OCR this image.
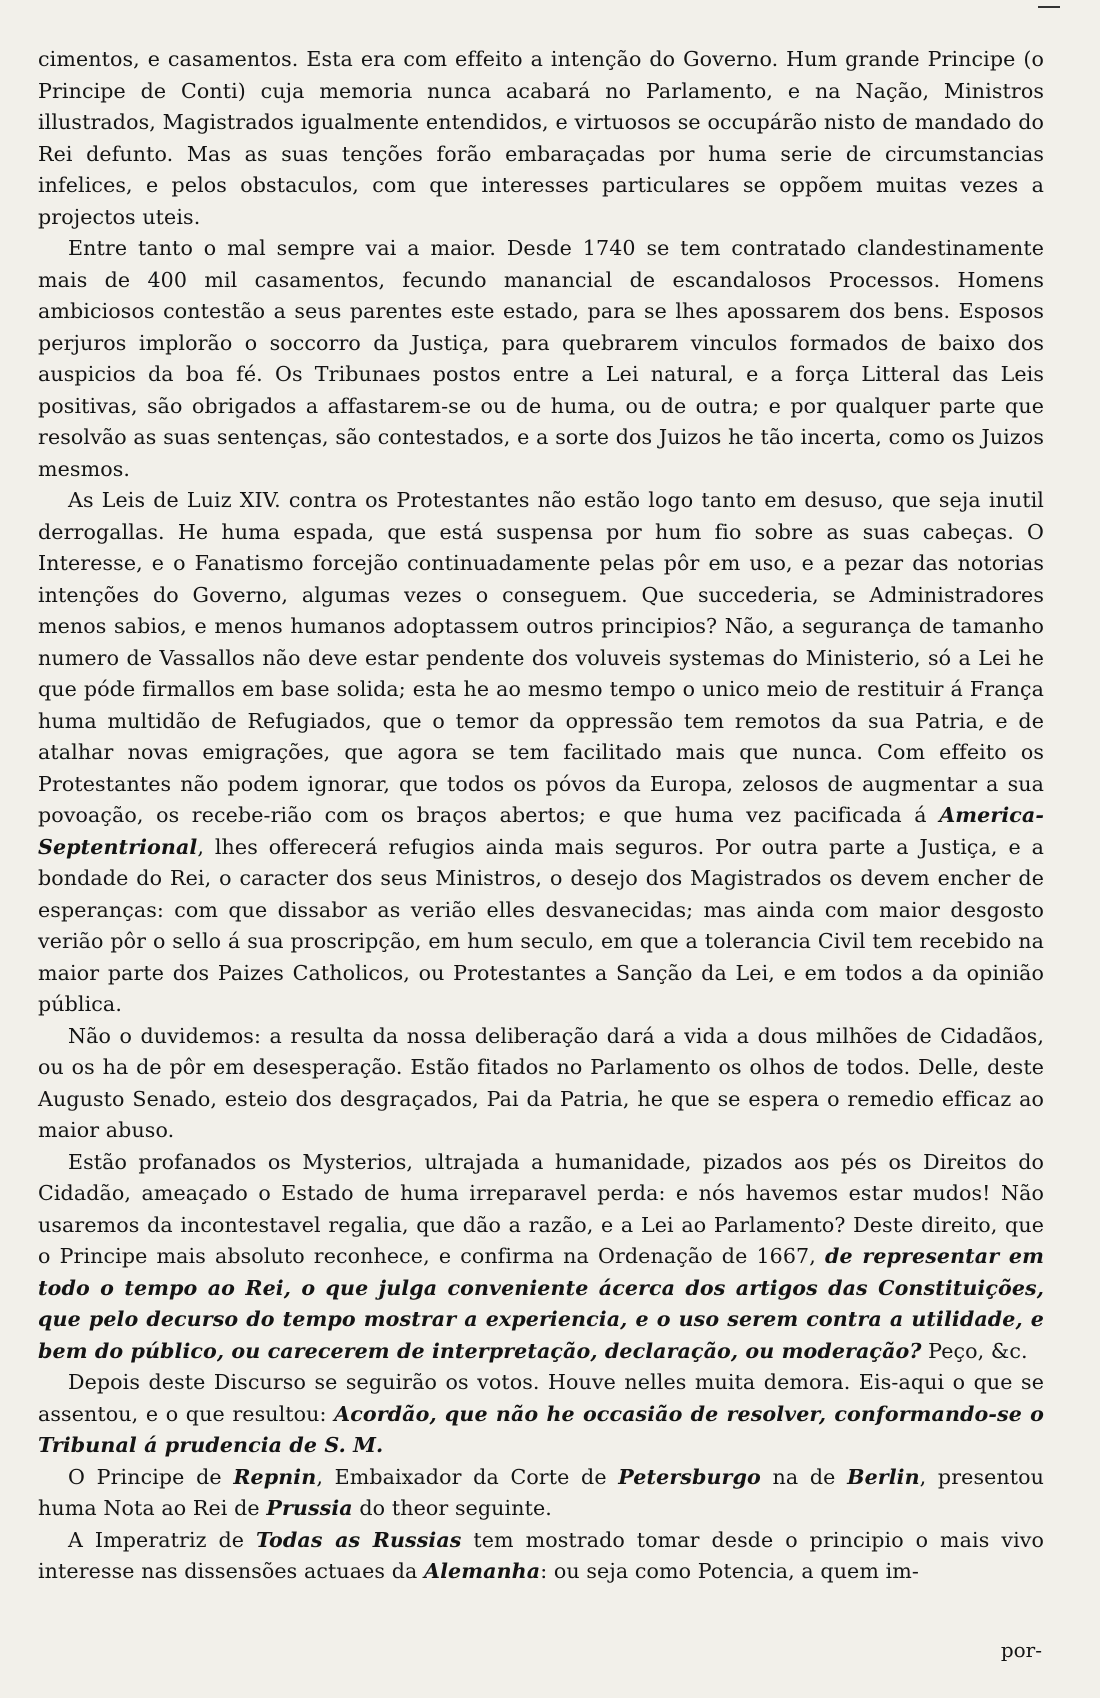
cimentos, e casamentos. Esta era com effeito a intenção do Governo. Hum grande Principe (o Principe de Conti) cuja memoria nunca acabará no Parlamento, e na Nação, Ministros illustrados, Magistrados igualmente entendidos, e virtuosos se occupárão nisto de mandado do Rei defunto. Mas as suas tenções forão embaraçadas por huma serie de circumstancias infelices, e pelos obstaculos, com que interesses particulares se oppõem muitas vezes a projectos uteis.

Entre tanto o mal sempre vai a maior. Desde 1740 se tem contratado clandestinamente mais de 400 mil casamentos, fecundo manancial de escandalosos Processos. Homens ambiciosos contestão a seus parentes este estado, para se lhes apossarem dos bens. Esposos perjuros implorão o soccorro da Justiça, para quebrarem vinculos formados de baixo dos auspicios da boa fé. Os Tribunaes postos entre a Lei natural, e a força Litteral das Leis positivas, são obrigados a affastarem-se ou de huma, ou de outra; e por qualquer parte que resolvão as suas sentenças, são contestados, e a sorte dos Juizos he tão incerta, como os Juizos mesmos.

As Leis de Luiz XIV. contra os Protestantes não estão logo tanto em desuso, que seja inutil derrogallas. He huma espada, que está suspensa por hum fio sobre as suas cabeças. O Interesse, e o Fanatismo forcejão continuadamente pelas pôr em uso, e a pezar das notorias intenções do Governo, algumas vezes o conseguem. Que succederia, se Administradores menos sabios, e menos humanos adoptassem outros principios? Não, a segurança de tamanho numero de Vassallos não deve estar pendente dos voluveis systemas do Ministerio, só a Lei he que póde firmallos em base solida; esta he ao mesmo tempo o unico meio de restituir á França huma multidão de Refugiados, que o temor da oppressão tem remotos da sua Patria, e de atalhar novas emigrações, que agora se tem facilitado mais que nunca. Com effeito os Protestantes não podem ignorar, que todos os póvos da Europa, zelosos de augmentar a sua povoação, os recebe-rião com os braços abertos; e que huma vez pacificada á America-Septentrional, lhes offerecerá refugios ainda mais seguros. Por outra parte a Justiça, e a bondade do Rei, o caracter dos seus Ministros, o desejo dos Magistrados os devem encher de esperanças: com que dissabor as verião elles desvanecidas; mas ainda com maior desgosto verião pôr o sello á sua proscripção, em hum seculo, em que a tolerancia Civil tem recebido na maior parte dos Paizes Catholicos, ou Protestantes a Sanção da Lei, e em todos a da opinião pública.

Não o duvidemos: a resulta da nossa deliberação dará a vida a dous milhões de Cidadãos, ou os ha de pôr em desesperação. Estão fitados no Parlamento os olhos de todos. Delle, deste Augusto Senado, esteio dos desgraçados, Pai da Patria, he que se espera o remedio efficaz ao maior abuso.

Estão profanados os Mysterios, ultrajada a humanidade, pizados aos pés os Direitos do Cidadão, ameaçado o Estado de huma irreparavel perda: e nós havemos estar mudos! Não usaremos da incontestavel regalia, que dão a razão, e a Lei ao Parlamento? Deste direito, que o Principe mais absoluto reconhece, e confirma na Ordenação de 1667, de representar em todo o tempo ao Rei, o que julga conveniente ácerca dos artigos das Constituições, que pelo decurso do tempo mostrar a experiencia, e o uso serem contra a utilidade, e bem do público, ou carecerem de interpretação, declaração, ou moderação? Peço, &c.

Depois deste Discurso se seguirão os votos. Houve nelles muita demora. Eis-aqui o que se assentou, e o que resultou: Acordão, que não he occasião de resolver, conformando-se o Tribunal á prudencia de S. M.

O Principe de Repnin, Embaixador da Corte de Petersburgo na de Berlin, presentou huma Nota ao Rei de Prussia do theor seguinte.

A Imperatriz de Todas as Russias tem mostrado tomar desde o principio o mais vivo interesse nas dissensões actuaes da Alemanha: ou seja como Potencia, a quem im-

por-
